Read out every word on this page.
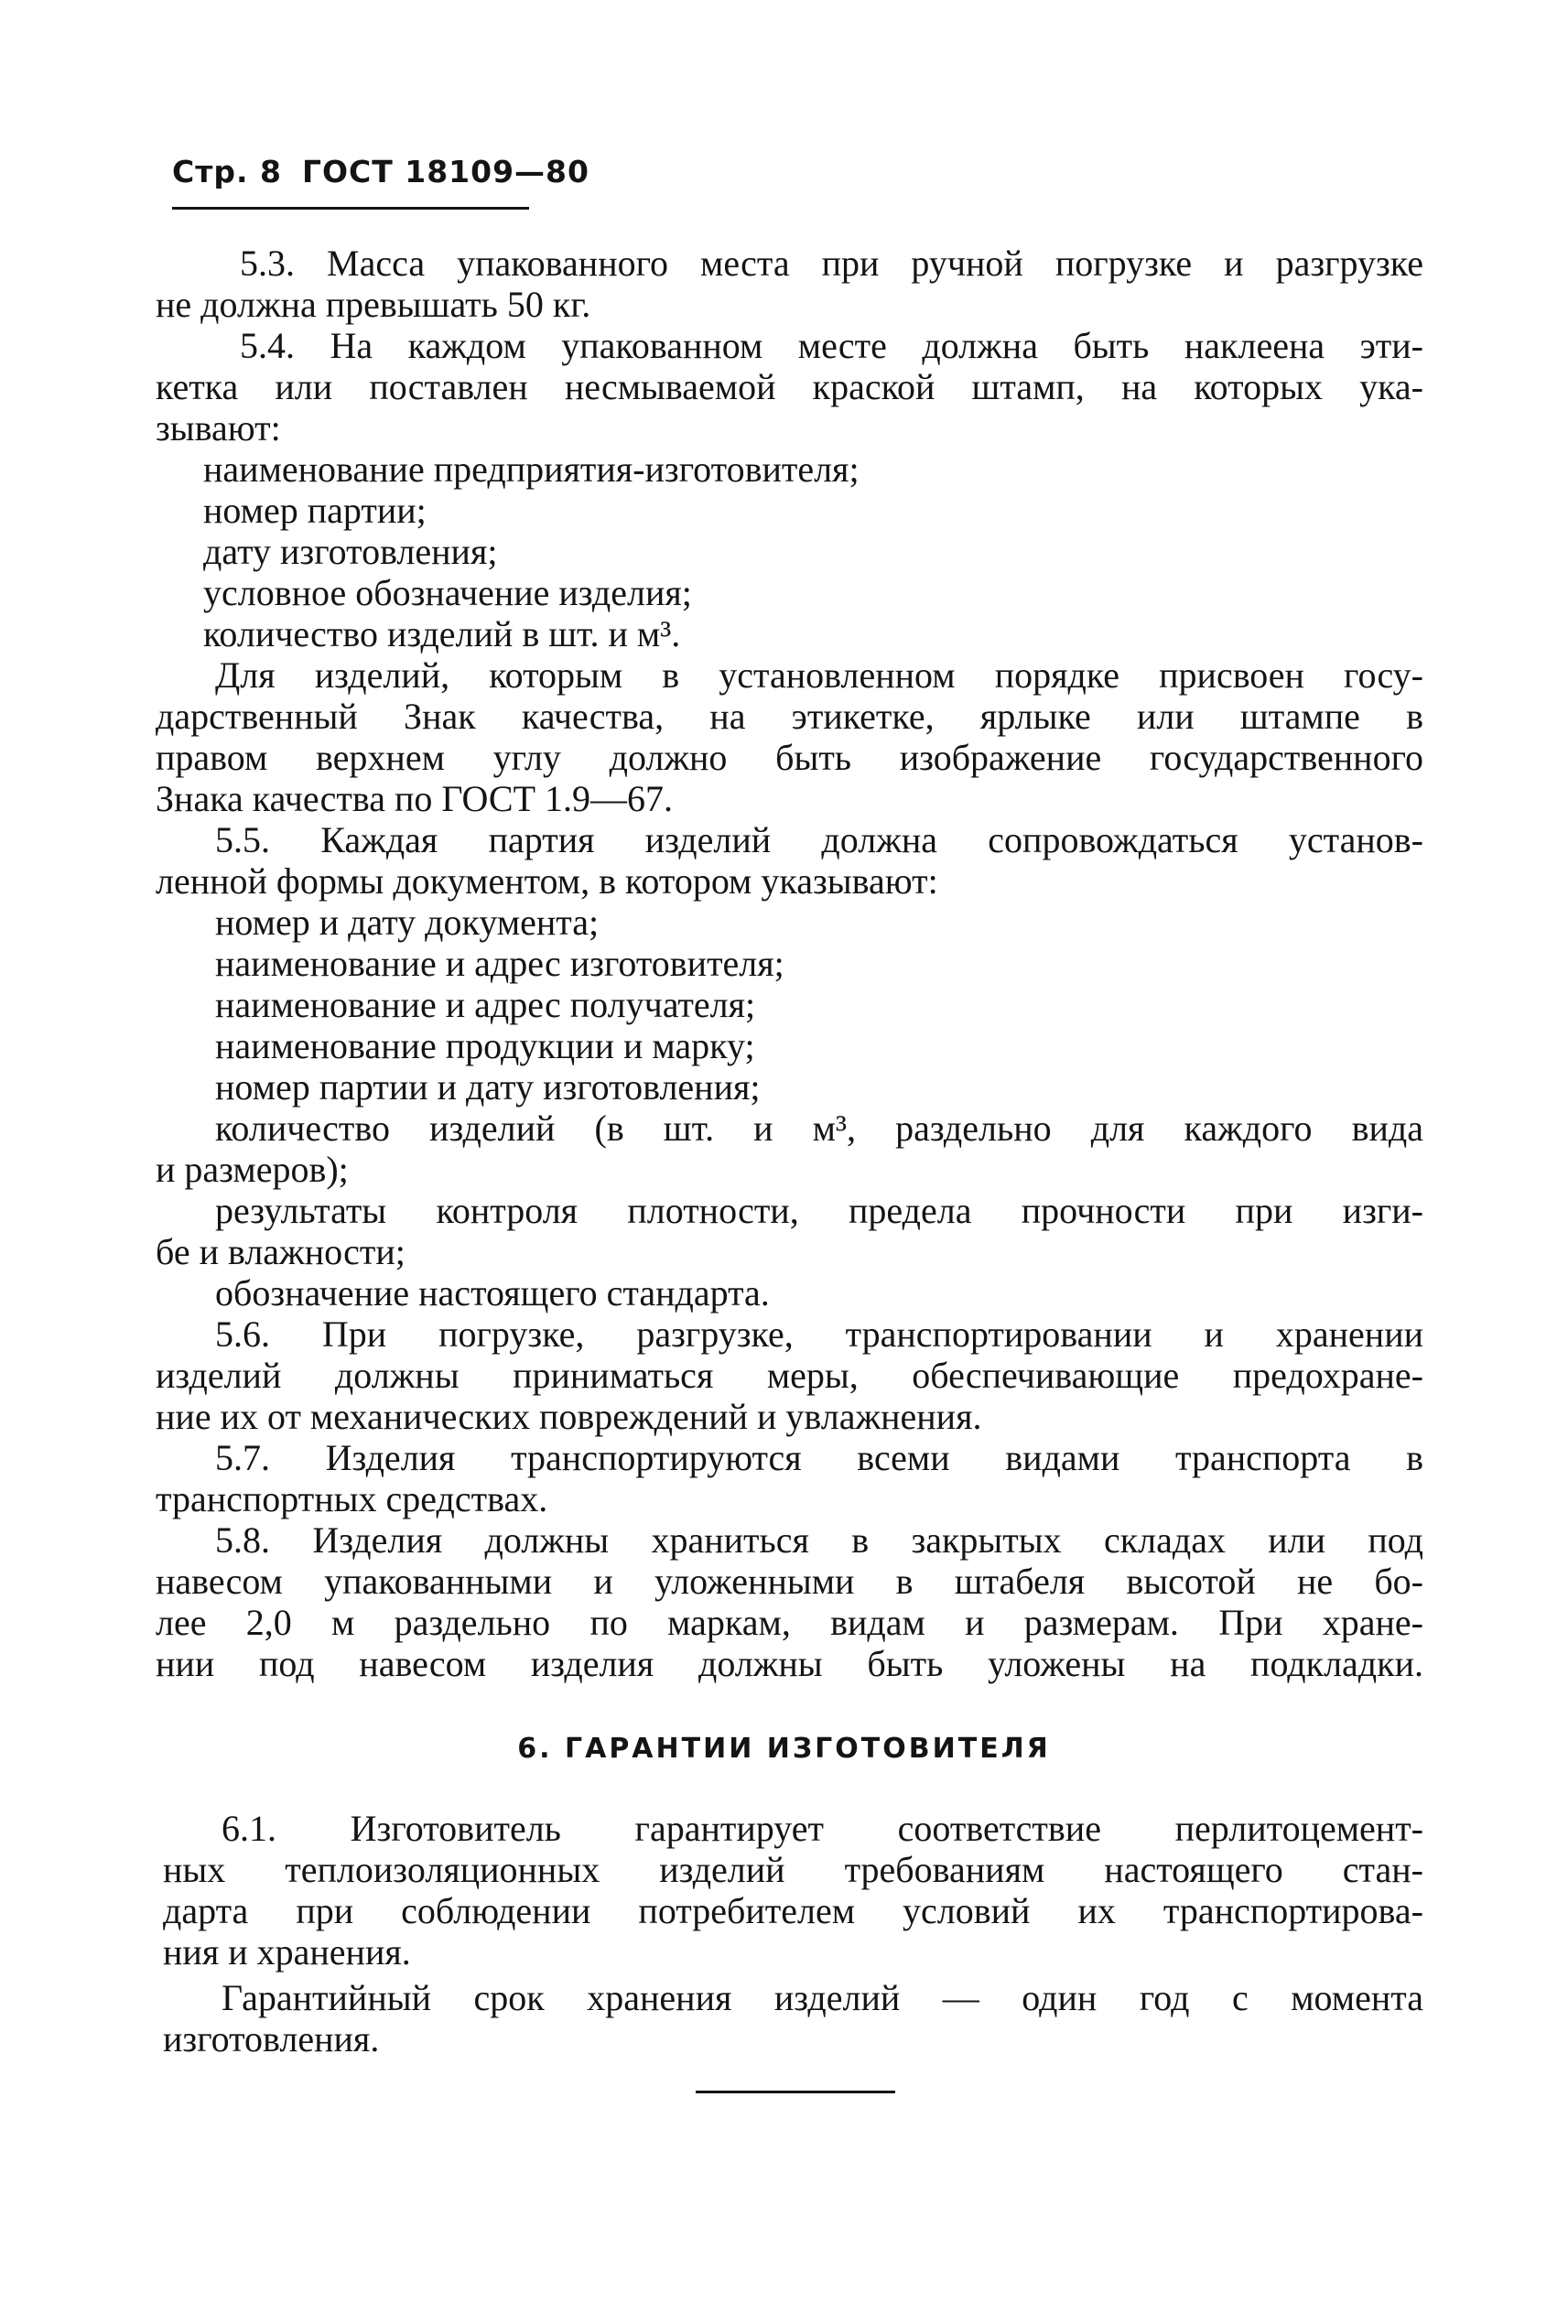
Стр. 8 ГОСТ 18109—80
5.3. Масса упакованного места при ручной погрузке и разгрузке
не должна превышать 50 кг.
5.4. На каждом упакованном месте должна быть наклеена эти-
кетка или поставлен несмываемой краской штамп, на которых ука-
зывают:
наименование предприятия-изготовителя;
номер партии;
дату изготовления;
условное обозначение изделия;
количество изделий в шт. и м³.
Для изделий, которым в установленном порядке присвоен госу-
дарственный Знак качества, на этикетке, ярлыке или штампе в
правом верхнем углу должно быть изображение государственного
Знака качества по ГОСТ 1.9—67.
5.5. Каждая партия изделий должна сопровождаться установ-
ленной формы документом, в котором указывают:
номер и дату документа;
наименование и адрес изготовителя;
наименование и адрес получателя;
наименование продукции и марку;
номер партии и дату изготовления;
количество изделий (в шт. и м³, раздельно для каждого вида
и размеров);
результаты контроля плотности, предела прочности при изги-
бе и влажности;
обозначение настоящего стандарта.
5.6. При погрузке, разгрузке, транспортировании и хранении
изделий должны приниматься меры, обеспечивающие предохране-
ние их от механических повреждений и увлажнения.
5.7. Изделия транспортируются всеми видами транспорта в
транспортных средствах.
5.8. Изделия должны храниться в закрытых складах или под
навесом упакованными и уложенными в штабеля высотой не бо-
лее 2,0 м раздельно по маркам, видам и размерам. При хране-
нии под навесом изделия должны быть уложены на подкладки.
6. ГАРАНТИИ ИЗГОТОВИТЕЛЯ
6.1. Изготовитель гарантирует соответствие перлитоцемент-
ных теплоизоляционных изделий требованиям настоящего стан-
дарта при соблюдении потребителем условий их транспортирова-
ния и хранения.
Гарантийный срок хранения изделий — один год с момента
изготовления.
